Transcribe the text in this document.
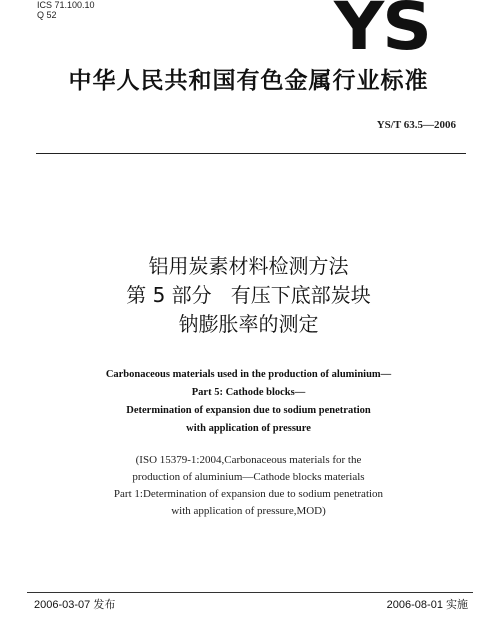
ICS 71.100.10
Q 52	YS
中华人民共和国有色金属行业标准
YS/T 63.5—2006
铝用炭素材料检测方法
第 5 部分   有压下底部炭块
钠膨胀率的测定
Carbonaceous materials used in the production of aluminium—
Part 5: Cathode blocks—
Determination of expansion due to sodium penetration
with application of pressure
(ISO 15379-1:2004,Carbonaceous materials for the
production of aluminium—Cathode blocks materials
Part 1:Determination of expansion due to sodium penetration
with application of pressure,MOD)
2006-03-07 发布	2006-08-01 实施
